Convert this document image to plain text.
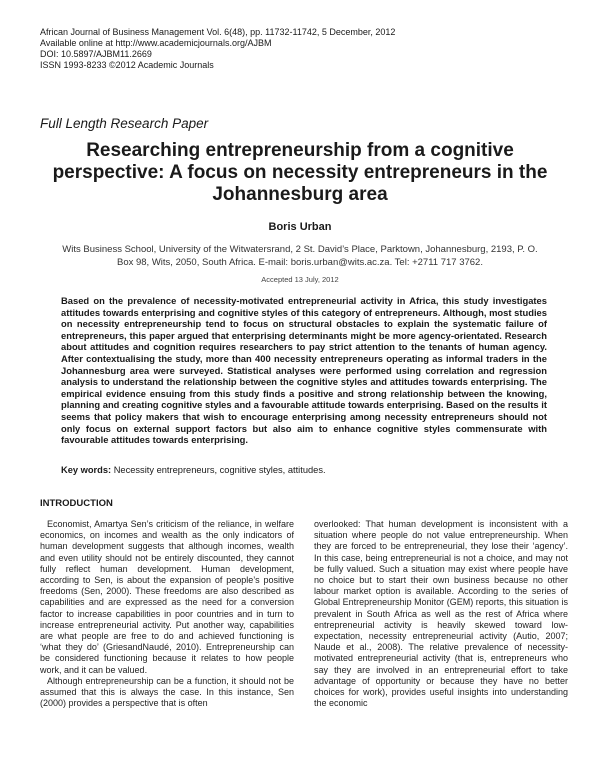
African Journal of Business Management Vol. 6(48), pp. 11732-11742, 5 December, 2012
Available online at http://www.academicjournals.org/AJBM
DOI: 10.5897/AJBM11.2669
ISSN 1993-8233 ©2012 Academic Journals
Full Length Research Paper
Researching entrepreneurship from a cognitive perspective: A focus on necessity entrepreneurs in the Johannesburg area
Boris Urban
Wits Business School, University of the Witwatersrand, 2 St. David’s Place, Parktown, Johannesburg, 2193, P. O. Box 98, Wits, 2050, South Africa. E-mail: boris.urban@wits.ac.za. Tel: +2711 717 3762.
Accepted 13 July, 2012

Based on the prevalence of necessity-motivated entrepreneurial activity in Africa, this study investigates attitudes towards enterprising and cognitive styles of this category of entrepreneurs. Although, most studies on necessity entrepreneurship tend to focus on structural obstacles to explain the systematic failure of entrepreneurs, this paper argued that enterprising determinants might be more agency-orientated. Research about attitudes and cognition requires researchers to pay strict attention to the tenants of human agency. After contextualising the study, more than 400 necessity entrepreneurs operating as informal traders in the Johannesburg area were surveyed. Statistical analyses were performed using correlation and regression analysis to understand the relationship between the cognitive styles and attitudes towards enterprising. The empirical evidence ensuing from this study finds a positive and strong relationship between the knowing, planning and creating cognitive styles and a favourable attitude towards enterprising. Based on the results it seems that policy makers that wish to encourage enterprising among necessity entrepreneurs should not only focus on external support factors but also aim to enhance cognitive styles commensurate with favourable attitudes towards enterprising.

Key words: Necessity entrepreneurs, cognitive styles, attitudes.
INTRODUCTION

Economist, Amartya Sen’s criticism of the reliance, in welfare economics, on incomes and wealth as the only indicators of human development suggests that although incomes, wealth and even utility should not be entirely discounted, they cannot fully reflect human development. Human development, according to Sen, is about the expansion of people’s positive freedoms (Sen, 2000). These freedoms are also described as capabilities and are expressed as the need for a conversion factor to increase capabilities in poor countries and in turn to increase entrepreneurial activity. Put another way, capabilities are what people are free to do and achieved functioning is ‘what they do’ (GriesandNaudé, 2010). Entrepreneurship can be considered functioning because it relates to how people work, and it can be valued.

Although entrepreneurship can be a function, it should not be assumed that this is always the case. In this instance, Sen (2000) provides a perspective that is often

overlooked: That human development is inconsistent with a situation where people do not value entrepreneurship. When they are forced to be entrepreneurial, they lose their ‘agency’. In this case, being entrepreneurial is not a choice, and may not be fully valued. Such a situation may exist where people have no choice but to start their own business because no other labour market option is available. According to the series of Global Entrepreneurship Monitor (GEM) reports, this situation is prevalent in South Africa as well as the rest of Africa where entrepreneurial activity is heavily skewed toward low-expectation, necessity entrepreneurial activity (Autio, 2007; Naude et al., 2008). The relative prevalence of necessity-motivated entrepreneurial activity (that is, entrepreneurs who say they are involved in an entrepreneurial effort to take advantage of opportunity or because they have no better choices for work), provides useful insights into understanding the economic
